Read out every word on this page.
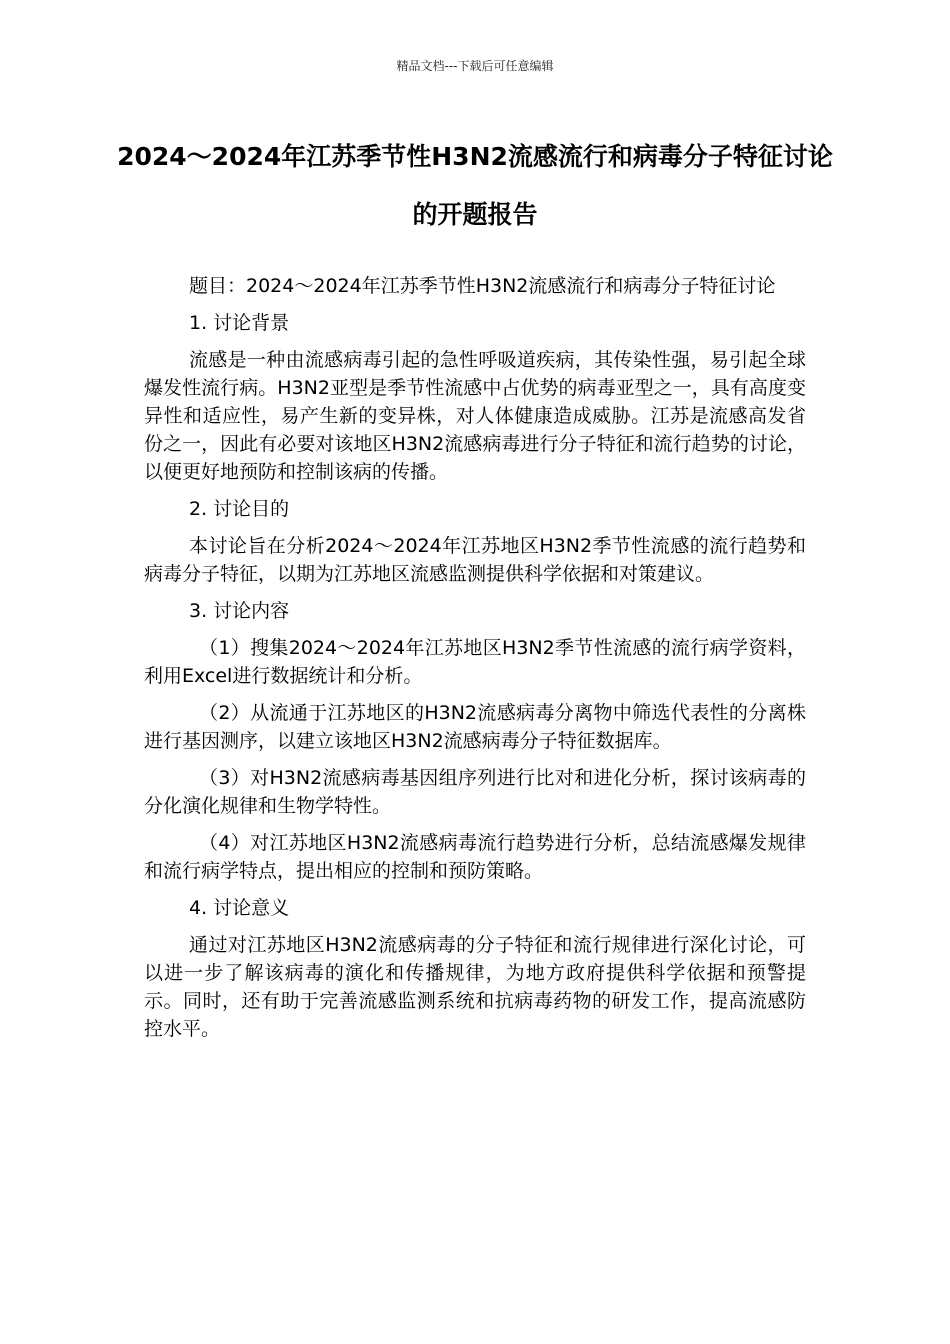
精品文档---下载后可任意编辑
2024～2024年江苏季节性H3N2流感流行和病毒分子特征讨论的开题报告

题目：2024～2024年江苏季节性H3N2流感流行和病毒分子特征讨论

1. 讨论背景

流感是一种由流感病毒引起的急性呼吸道疾病，其传染性强，易引起全球爆发性流行病。H3N2亚型是季节性流感中占优势的病毒亚型之一，具有高度变异性和适应性，易产生新的变异株，对人体健康造成威胁。江苏是流感高发省份之一，因此有必要对该地区H3N2流感病毒进行分子特征和流行趋势的讨论，以便更好地预防和控制该病的传播。

2. 讨论目的

本讨论旨在分析2024～2024年江苏地区H3N2季节性流感的流行趋势和病毒分子特征，以期为江苏地区流感监测提供科学依据和对策建议。

3. 讨论内容

（1）搜集2024～2024年江苏地区H3N2季节性流感的流行病学资料，利用Excel进行数据统计和分析。

（2）从流通于江苏地区的H3N2流感病毒分离物中筛选代表性的分离株进行基因测序，以建立该地区H3N2流感病毒分子特征数据库。

（3）对H3N2流感病毒基因组序列进行比对和进化分析，探讨该病毒的分化演化规律和生物学特性。

（4）对江苏地区H3N2流感病毒流行趋势进行分析，总结流感爆发规律和流行病学特点，提出相应的控制和预防策略。

4. 讨论意义

通过对江苏地区H3N2流感病毒的分子特征和流行规律进行深化讨论，可以进一步了解该病毒的演化和传播规律，为地方政府提供科学依据和预警提示。同时，还有助于完善流感监测系统和抗病毒药物的研发工作，提高流感防控水平。
